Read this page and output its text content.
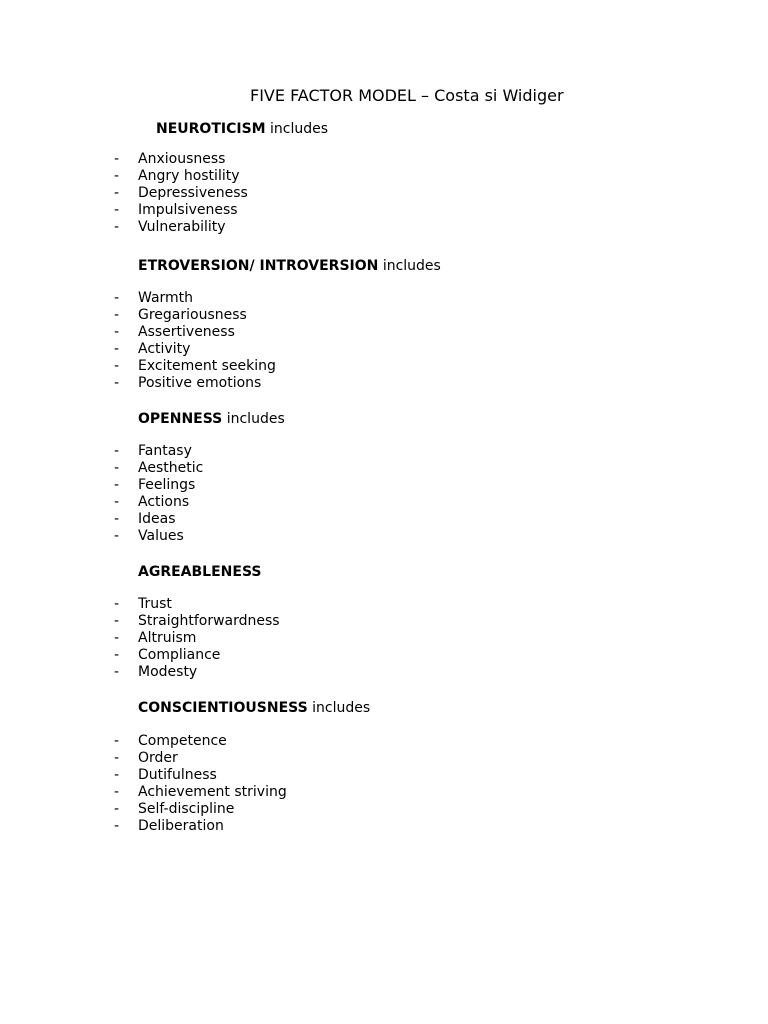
FIVE FACTOR MODEL – Costa si Widiger
NEUROTICISM includes
- Anxiousness
- Angry hostility
- Depressiveness
- Impulsiveness
- Vulnerability
ETROVERSION/ INTROVERSION includes
- Warmth
- Gregariousness
- Assertiveness
- Activity
- Excitement seeking
- Positive emotions
OPENNESS includes
- Fantasy
- Aesthetic
- Feelings
- Actions
- Ideas
- Values
AGREABLENESS
- Trust
- Straightforwardness
- Altruism
- Compliance
- Modesty
CONSCIENTIOUSNESS includes
- Competence
- Order
- Dutifulness
- Achievement striving
- Self-discipline
- Deliberation
